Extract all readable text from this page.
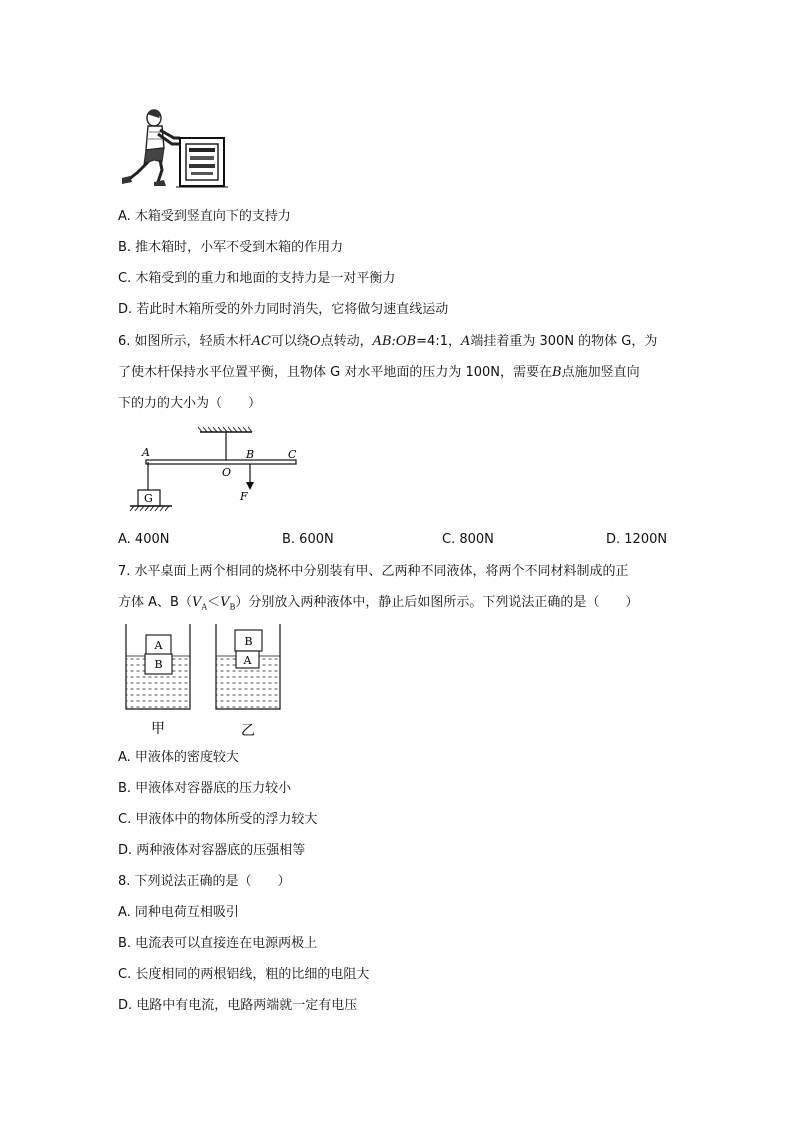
A. 木箱受到竖直向下的支持力
B. 推木箱时，小军不受到木箱的作用力
C. 木箱受到的重力和地面的支持力是一对平衡力
D. 若此时木箱所受的外力同时消失，它将做匀速直线运动
6. 如图所示，轻质木杆AC可以绕O点转动，AB:OB=4:1，A端挂着重为 300N 的物体 G，为
了使木杆保持水平位置平衡，且物体 G 对水平地面的压力为 100N，需要在B点施加竖直向
下的力的大小为（　　）
A
O
B	C
F
G
A. 400N	B. 600N	C. 800N	D. 1200N
7. 水平桌面上两个相同的烧杯中分别装有甲、乙两种不同液体，将两个不同材料制成的正
方体 A、$B(V_A<V_B)$分别放入两种液体中，静止后如图所示。下列说法正确的是（　　）
A
B
B
A
甲	乙
A. 甲液体的密度较大
B. 甲液体对容器底的压力较小
C. 甲液体中的物体所受的浮力较大
D. 两种液体对容器底的压强相等
8. 下列说法正确的是（　　）
A. 同种电荷互相吸引
B. 电流表可以直接连在电源两极上
C. 长度相同的两根铝线，粗的比细的电阻大
D. 电路中有电流，电路两端就一定有电压
